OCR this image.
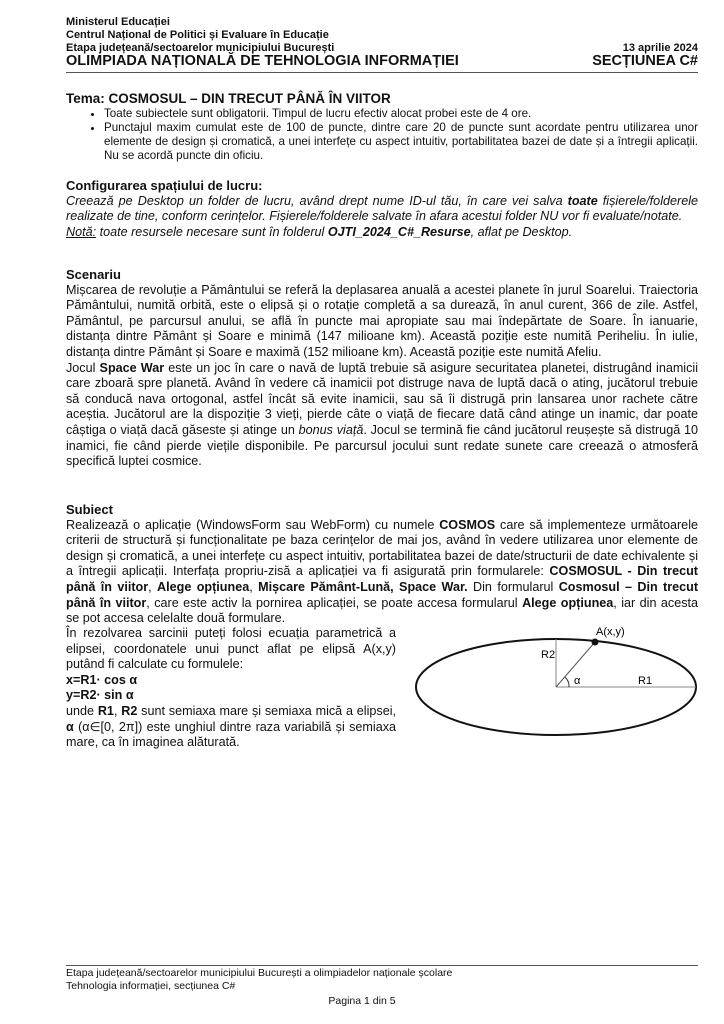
Ministerul Educației
Centrul Național de Politici și Evaluare în Educație
Etapa județeană/sectoarelor municipiului București
OLIMPIADA NAȚIONALĂ DE TEHNOLOGIA INFORMAȚIEI
13 aprilie 2024
SECȚIUNEA C#
Tema: COSMOSUL – DIN TRECUT PÂNĂ ÎN VIITOR
• Toate subiectele sunt obligatorii. Timpul de lucru efectiv alocat probei este de 4 ore.
• Punctajul maxim cumulat este de 100 de puncte, dintre care 20 de puncte sunt acordate pentru utilizarea unor elemente de design și cromatică, a unei interfețe cu aspect intuitiv, portabilitatea bazei de date și a întregii aplicații. Nu se acordă puncte din oficiu.
Configurarea spațiului de lucru:

Creează pe Desktop un folder de lucru, având drept nume ID-ul tău, în care vei salva toate fișierele/folderele realizate de tine, conform cerințelor. Fișierele/folderele salvate în afara acestui folder NU vor fi evaluate/notate.

Notă: toate resursele necesare sunt în folderul OJTI_2024_C#_Resurse, aflat pe Desktop.

Scenariu

Mișcarea de revoluție a Pământului se referă la deplasarea anuală a acestei planete în jurul Soarelui. Traiectoria Pământului, numită orbită, este o elipsă și o rotație completă a sa durează, în anul curent, 366 de zile. Astfel, Pământul, pe parcursul anului, se află în puncte mai apropiate sau mai îndepărtate de Soare. În ianuarie, distanța dintre Pământ și Soare e minimă (147 milioane km). Această poziție este numită Periheliu. În iulie, distanța dintre Pământ și Soare e maximă (152 milioane km). Această poziție este numită Afeliu.

Jocul Space War este un joc în care o navă de luptă trebuie să asigure securitatea planetei, distrugând inamicii care zboară spre planetă. Având în vedere că inamicii pot distruge nava de luptă dacă o ating, jucătorul trebuie să conducă nava ortogonal, astfel încât să evite inamicii, sau să îi distrugă prin lansarea unor rachete către aceștia. Jucătorul are la dispoziție 3 vieți, pierde câte o viață de fiecare dată când atinge un inamic, dar poate câștiga o viață dacă găseste și atinge un bonus viață. Jocul se termină fie când jucătorul reușește să distrugă 10 inamici, fie când pierde viețile disponibile. Pe parcursul jocului sunt redate sunete care creează o atmosferă specifică luptei cosmice.

Subiect

Realizează o aplicație (WindowsForm sau WebForm) cu numele COSMOS care să implementeze următoarele criterii de structură și funcționalitate pe baza cerințelor de mai jos, având în vedere utilizarea unor elemente de design și cromatică, a unei interfețe cu aspect intuitiv, portabilitatea bazei de date/structurii de date echivalente și a întregii aplicații. Interfața propriu-zisă a aplicației va fi asigurată prin formularele: COSMOSUL - Din trecut până în viitor, Alege opțiunea, Mișcare Pământ-Lună, Space War. Din formularul Cosmosul – Din trecut până în viitor, care este activ la pornirea aplicației, se poate accesa formularul Alege opțiunea, iar din acesta se pot accesa celelalte două formulare.

În rezolvarea sarcinii puteți folosi ecuația parametrică a elipsei, coordonatele unui punct aflat pe elipsă A(x,y) putând fi calculate cu formulele:

x=R1· cos α
y=R2· sin α

unde R1, R2 sunt semiaxa mare și semiaxa mică a elipsei, α (α∈[0, 2π]) este unghiul dintre raza variabilă și semiaxa mare, ca în imaginea alăturată.

A(x,y)
R2
R1
α
Etapa județeană/sectoarelor municipiului București a olimpiadelor naționale școlare
Tehnologia informației, secțiunea C#
Pagina 1 din 5
